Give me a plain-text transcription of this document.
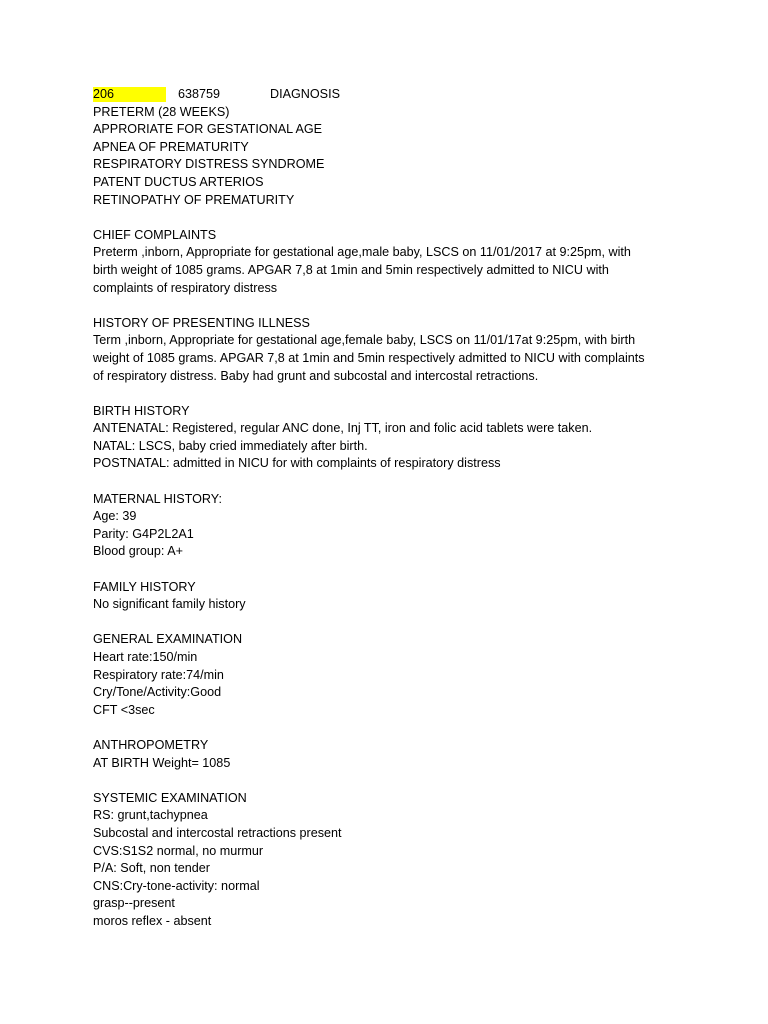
206	638759	DIAGNOSIS
PRETERM (28 WEEKS)
APPRORIATE FOR GESTATIONAL AGE
APNEA OF PREMATURITY
RESPIRATORY DISTRESS SYNDROME
PATENT DUCTUS ARTERIOS
RETINOPATHY OF PREMATURITY
CHIEF COMPLAINTS
Preterm ,inborn, Appropriate for gestational age,male baby, LSCS on 11/01/2017 at 9:25pm, with
birth weight of 1085 grams. APGAR 7,8 at 1min and 5min respectively admitted to NICU with
complaints of respiratory distress
HISTORY OF PRESENTING ILLNESS
Term ,inborn, Appropriate for gestational age,female baby, LSCS on 11/01/17at 9:25pm, with birth
weight of 1085 grams. APGAR 7,8 at 1min and 5min respectively admitted to NICU with complaints
of respiratory distress. Baby had grunt and subcostal and intercostal retractions.
BIRTH HISTORY
ANTENATAL: Registered, regular ANC done, Inj TT, iron and folic acid tablets were taken.
NATAL: LSCS, baby cried immediately after birth.
POSTNATAL: admitted in NICU for with complaints of respiratory distress
MATERNAL HISTORY:
Age: 39
Parity: G4P2L2A1
Blood group: A+
FAMILY HISTORY
No significant family history
GENERAL EXAMINATION
Heart rate:150/min
Respiratory rate:74/min
Cry/Tone/Activity:Good
CFT <3sec
ANTHROPOMETRY
AT BIRTH Weight= 1085
SYSTEMIC EXAMINATION
RS: grunt,tachypnea
Subcostal and intercostal retractions present
CVS:S1S2 normal, no murmur
P/A: Soft, non tender
CNS:Cry-tone-activity: normal
grasp--present
moros reflex - absent
